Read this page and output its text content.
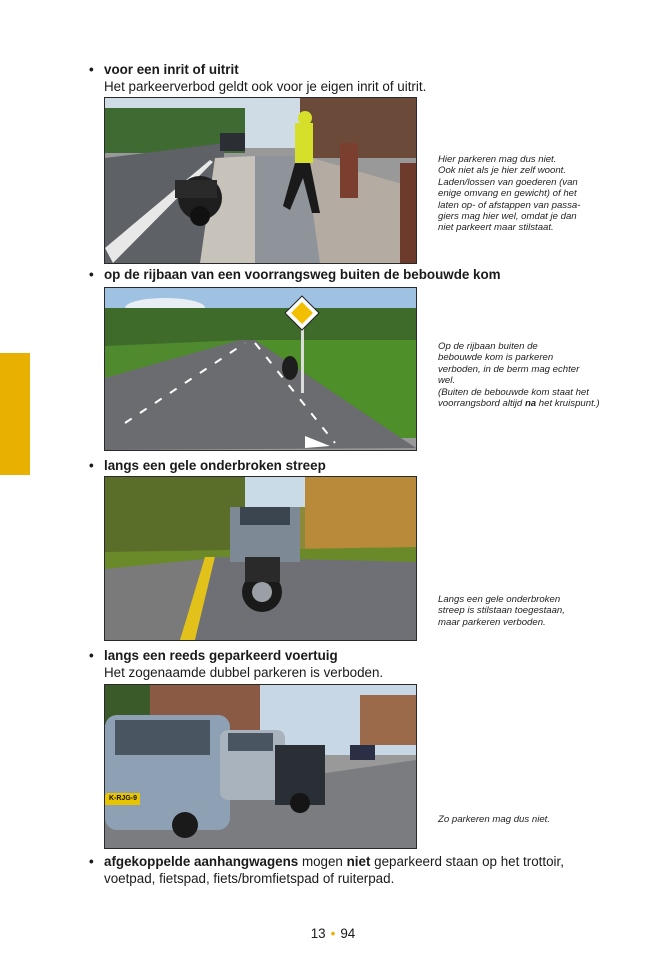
• voor een inrit of uitrit
Het parkeerverbod geldt ook voor je eigen inrit of uitrit.
Hier parkeren mag dus niet.
Ook niet als je hier zelf woont.
Laden/lossen van goederen (van
enige omvang en gewicht) of het
laten op- of afstappen van passa-
giers mag hier wel, omdat je dan
niet parkeert maar stilstaat.
• op de rijbaan van een voorrangsweg buiten de bebouwde kom
Op de rijbaan buiten de
bebouwde kom is parkeren
verboden, in de berm mag echter
wel.
(Buiten de bebouwde kom staat het voorrangsbord altijd na het kruispunt.)
• langs een gele onderbroken streep
Langs een gele onderbroken
streep is stilstaan toegestaan,
maar parkeren verboden.
• langs een reeds geparkeerd voertuig
Het zogenaamde dubbel parkeren is verboden.
K-RJG-9
Zo parkeren mag dus niet.
• afgekoppelde aanhangwagens mogen niet geparkeerd staan op het trottoir,
voetpad, fietspad, fiets/bromfietspad of ruiterpad.
13 • 94
